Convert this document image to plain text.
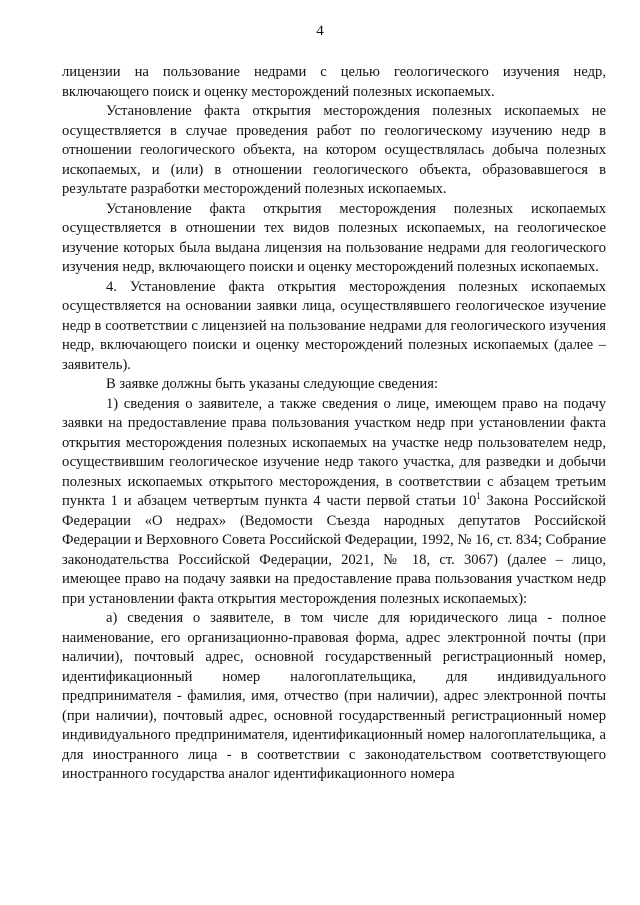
4

лицензии на пользование недрами с целью геологического изучения недр, включающего поиск и оценку месторождений полезных ископаемых.

Установление факта открытия месторождения полезных ископаемых не осуществляется в случае проведения работ по геологическому изучению недр в отношении геологического объекта, на котором осуществлялась добыча полезных ископаемых, и (или) в отношении геологического объекта, образовавшегося в результате разработки месторождений полезных ископаемых.

Установление факта открытия месторождения полезных ископаемых осуществляется в отношении тех видов полезных ископаемых, на геологическое изучение которых была выдана лицензия на пользование недрами для геологического изучения недр, включающего поиски и оценку месторождений полезных ископаемых.

4. Установление факта открытия месторождения полезных ископаемых осуществляется на основании заявки лица, осуществлявшего геологическое изучение недр в соответствии с лицензией на пользование недрами для геологического изучения недр, включающего поиски и оценку месторождений полезных ископаемых (далее – заявитель).

В заявке должны быть указаны следующие сведения:

1) сведения о заявителе, а также сведения о лице, имеющем право на подачу заявки на предоставление права пользования участком недр при установлении факта открытия месторождения полезных ископаемых на участке недр пользователем недр, осуществившим геологическое изучение недр такого участка, для разведки и добычи полезных ископаемых открытого месторождения, в соответствии с абзацем третьим пункта 1 и абзацем четвертым пункта 4 части первой статьи $10^1$ Закона Российской Федерации «О недрах» (Ведомости Съезда народных депутатов Российской Федерации и Верховного Совета Российской Федерации, 1992, № 16, ст. 834; Собрание законодательства Российской Федерации, 2021, № 18, ст. 3067) (далее – лицо, имеющее право на подачу заявки на предоставление права пользования участком недр при установлении факта открытия месторождения полезных ископаемых):

а) сведения о заявителе, в том числе для юридического лица - полное наименование, его организационно-правовая форма, адрес электронной почты (при наличии), почтовый адрес, основной государственный регистрационный номер, идентификационный номер налогоплательщика, для индивидуального предпринимателя - фамилия, имя, отчество (при наличии), адрес электронной почты (при наличии), почтовый адрес, основной государственный регистрационный номер индивидуального предпринимателя, идентификационный номер налогоплательщика, а для иностранного лица - в соответствии с законодательством соответствующего иностранного государства аналог идентификационного номера
